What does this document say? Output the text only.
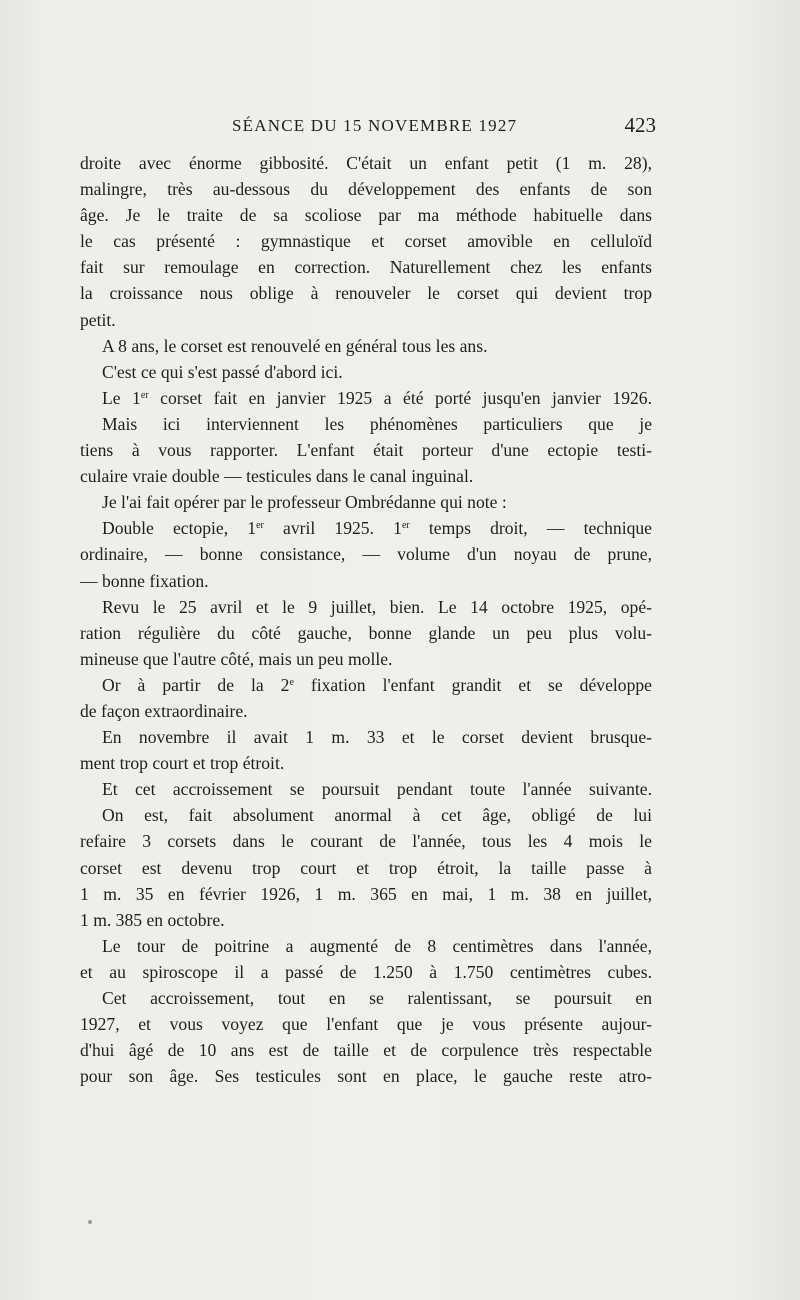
SÉANCE DU 15 NOVEMBRE 1927	423

droite avec énorme gibbosité. C'était un enfant petit (1 m. 28),
malingre, très au-dessous du développement des enfants de son
âge. Je le traite de sa scoliose par ma méthode habituelle dans
le cas présenté : gymnastique et corset amovible en celluloïd
fait sur remoulage en correction. Naturellement chez les enfants
la croissance nous oblige à renouveler le corset qui devient trop
petit.

A 8 ans, le corset est renouvelé en général tous les ans.

C'est ce qui s'est passé d'abord ici.

Le 1er corset fait en janvier 1925 a été porté jusqu'en janvier 1926.

Mais ici interviennent les phénomènes particuliers que je
tiens à vous rapporter. L'enfant était porteur d'une ectopie testi-
culaire vraie double — testicules dans le canal inguinal.

Je l'ai fait opérer par le professeur Ombrédanne qui note :

Double ectopie, 1er avril 1925. 1er temps droit, — technique
ordinaire, — bonne consistance, — volume d'un noyau de prune,
— bonne fixation.

Revu le 25 avril et le 9 juillet, bien. Le 14 octobre 1925, opé-
ration régulière du côté gauche, bonne glande un peu plus volu-
mineuse que l'autre côté, mais un peu molle.

Or à partir de la 2e fixation l'enfant grandit et se développe
de façon extraordinaire.

En novembre il avait 1 m. 33 et le corset devient brusque-
ment trop court et trop étroit.

Et cet accroissement se poursuit pendant toute l'année suivante.

On est, fait absolument anormal à cet âge, obligé de lui
refaire 3 corsets dans le courant de l'année, tous les 4 mois le
corset est devenu trop court et trop étroit, la taille passe à
1 m. 35 en février 1926, 1 m. 365 en mai, 1 m. 38 en juillet,
1 m. 385 en octobre.

Le tour de poitrine a augmenté de 8 centimètres dans l'année,
et au spiroscope il a passé de 1.250 à 1.750 centimètres cubes.

Cet accroissement, tout en se ralentissant, se poursuit en
1927, et vous voyez que l'enfant que je vous présente aujour-
d'hui âgé de 10 ans est de taille et de corpulence très respectable
pour son âge. Ses testicules sont en place, le gauche reste atro-
